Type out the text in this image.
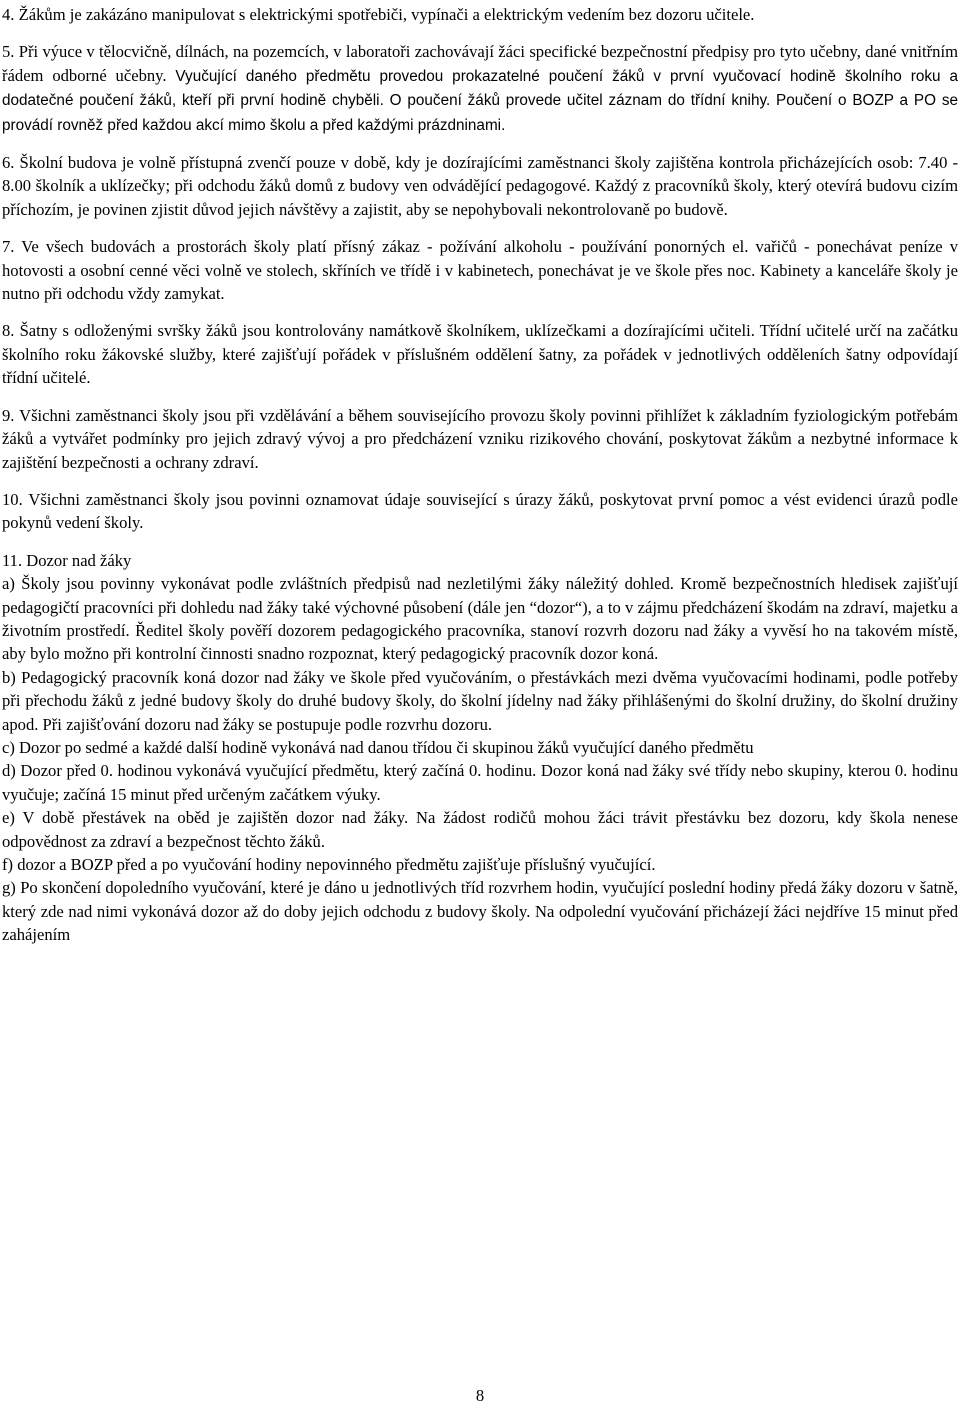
4. Žákům je zakázáno manipulovat s elektrickými spotřebiči, vypínači a elektrickým vedením bez dozoru učitele.

5. Při výuce v tělocvičně, dílnách, na pozemcích, v laboratoři zachovávají žáci specifické bezpečnostní předpisy pro tyto učebny, dané vnitřním řádem odborné učebny. Vyučující daného předmětu provedou prokazatelné poučení žáků v první vyučovací hodině školního roku a dodatečné poučení žáků, kteří při první hodině chyběli. O poučení žáků provede učitel záznam do třídní knihy. Poučení o BOZP a PO se provádí rovněž před každou akcí mimo školu a před každými prázdninami.

6. Školní budova je volně přístupná zvenčí pouze v době, kdy je dozírajícími zaměstnanci školy zajištěna kontrola přicházejících osob: 7.40 - 8.00 školník a uklízečky; při odchodu žáků domů z budovy ven odvádějící pedagogové. Každý z pracovníků školy, který otevírá budovu cizím příchozím, je povinen zjistit důvod jejich návštěvy a zajistit, aby se nepohybovali nekontrolovaně po budově.

7. Ve všech budovách a prostorách školy platí přísný zákaz - požívání alkoholu - používání ponorných el. vařičů - ponechávat peníze v hotovosti a osobní cenné věci volně ve stolech, skříních ve třídě i v kabinetech, ponechávat je ve škole přes noc. Kabinety a kanceláře školy je nutno při odchodu vždy zamykat.

8. Šatny s odloženými svršky žáků jsou kontrolovány namátkově školníkem, uklízečkami a dozírajícími učiteli. Třídní učitelé určí na začátku školního roku žákovské služby, které zajišťují pořádek v příslušném oddělení šatny, za pořádek v jednotlivých odděleních šatny odpovídají třídní učitelé.

9. Všichni zaměstnanci školy jsou při vzdělávání a během souvisejícího provozu školy povinni přihlížet k základním fyziologickým potřebám žáků a vytvářet podmínky pro jejich zdravý vývoj a pro předcházení vzniku rizikového chování, poskytovat žákům a nezbytné informace k zajištění bezpečnosti a ochrany zdraví.

10. Všichni zaměstnanci školy jsou povinni oznamovat údaje související s úrazy žáků, poskytovat první pomoc a vést evidenci úrazů podle pokynů vedení školy.

11. Dozor nad žáky

a) Školy jsou povinny vykonávat podle zvláštních předpisů nad nezletilými žáky náležitý dohled. Kromě bezpečnostních hledisek zajišťují pedagogičtí pracovníci při dohledu nad žáky také výchovné působení (dále jen “dozor“), a to v zájmu předcházení škodám na zdraví, majetku a životním prostředí. Ředitel školy pověří dozorem pedagogického pracovníka, stanoví rozvrh dozoru nad žáky a vyvěsí ho na takovém místě, aby bylo možno při kontrolní činnosti snadno rozpoznat, který pedagogický pracovník dozor koná.

b) Pedagogický pracovník koná dozor nad žáky ve škole před vyučováním, o přestávkách mezi dvěma vyučovacími hodinami, podle potřeby při přechodu žáků z jedné budovy školy do druhé budovy školy, do školní jídelny nad žáky přihlášenými do školní družiny, do školní družiny apod. Při zajišťování dozoru nad žáky se postupuje podle rozvrhu dozoru.

c) Dozor po sedmé a každé další hodině vykonává nad danou třídou či skupinou žáků vyučující daného předmětu

d) Dozor před 0. hodinou vykonává vyučující předmětu, který začíná 0. hodinu. Dozor koná nad žáky své třídy nebo skupiny, kterou 0. hodinu vyučuje; začíná 15 minut před určeným začátkem výuky.

e) V době přestávek na oběd je zajištěn dozor nad žáky. Na žádost rodičů mohou žáci trávit přestávku bez dozoru, kdy škola nenese odpovědnost za zdraví a bezpečnost těchto žáků.

f) dozor a BOZP před a po vyučování hodiny nepovinného předmětu zajišťuje příslušný vyučující.

g) Po skončení dopoledního vyučování, které je dáno u jednotlivých tříd rozvrhem hodin, vyučující poslední hodiny předá žáky dozoru v šatně, který zde nad nimi vykonává dozor až do doby jejich odchodu z budovy školy. Na odpolední vyučování přicházejí žáci nejdříve 15 minut před zahájením

8
